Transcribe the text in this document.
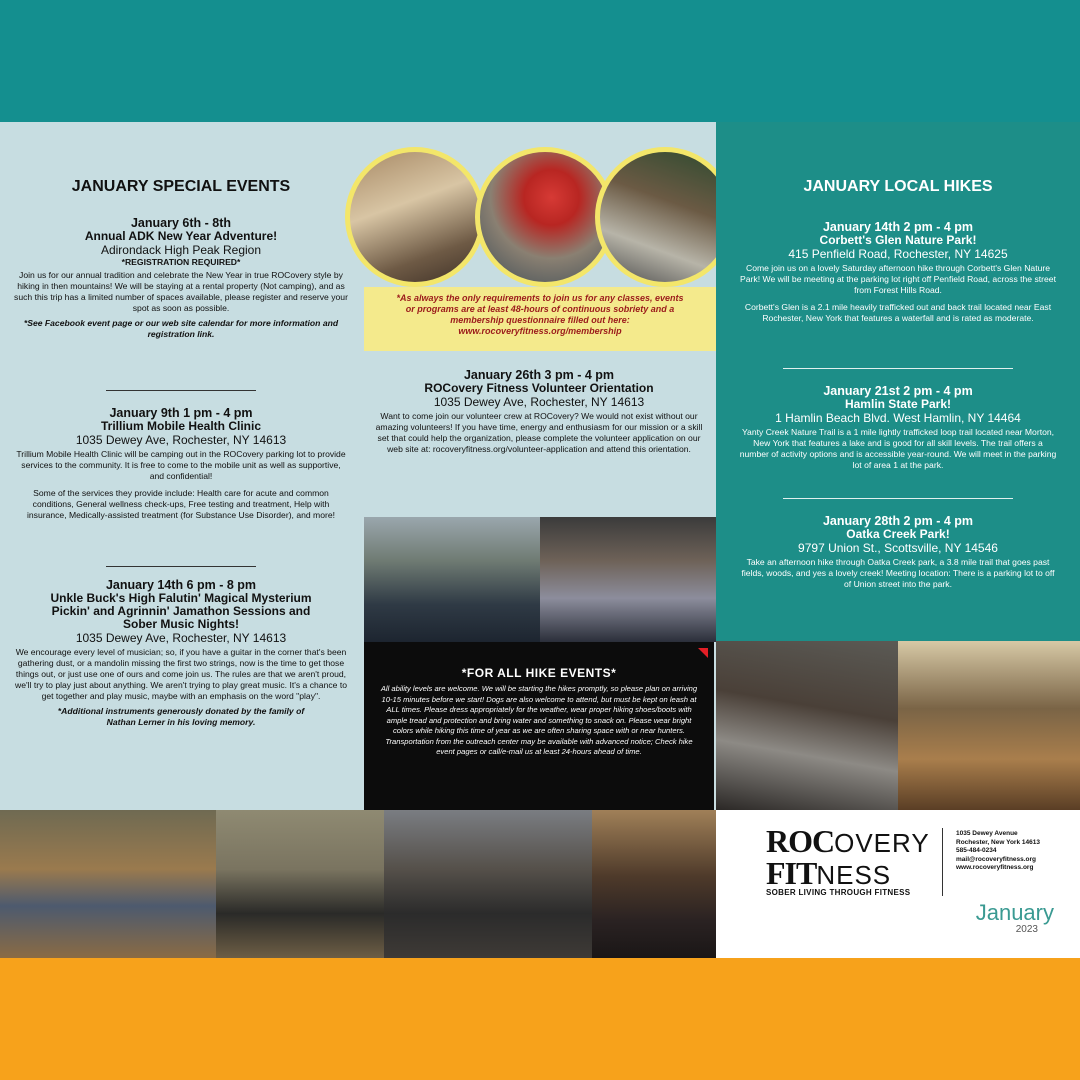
JANUARY SPECIAL EVENTS

January 6th - 8th
Annual ADK New Year Adventure!
Adirondack High Peak Region
*REGISTRATION REQUIRED*
Join us for our annual tradition and celebrate the New Year in true ROCovery style by hiking in then mountains! We will be staying at a rental property (Not camping), and as such this trip has a limited number of spaces available, please register and reserve your spot as soon as possible.
*See Facebook event page or our web site calendar for more information and registration link.
January 9th 1 pm - 4 pm
Trillium Mobile Health Clinic
1035 Dewey Ave, Rochester, NY 14613
Trillium Mobile Health Clinic will be camping out in the ROCovery parking lot to provide services to the community. It is free to come to the mobile unit as well as supportive, and confidential!
Some of the services they provide include: Health care for acute and common conditions, General wellness check-ups, Free testing and treatment, Help with insurance, Medically-assisted treatment (for Substance Use Disorder), and more!
January 14th 6 pm - 8 pm
Unkle Buck's High Falutin' Magical Mysterium Pickin' and Agrinnin' Jamathon Sessions and Sober Music Nights!
1035 Dewey Ave, Rochester, NY 14613
We encourage every level of musician; so, if you have a guitar in the corner that's been gathering dust, or a mandolin missing the first two strings, now is the time to get those things out, or just use one of ours and come join us. The rules are that we aren't proud, we'll try to play just about anything. We aren't trying to play great music. It's a chance to get together and play music, maybe with an emphasis on the word "play".
*Additional instruments generously donated by the family of Nathan Lerner in his loving memory.
*As always the only requirements to join us for any classes, events or programs are at least 48-hours of continuous sobriety and a membership questionnaire filled out here:
www.rocoveryfitness.org/membership
January 26th 3 pm - 4 pm
ROCovery Fitness Volunteer Orientation
1035 Dewey Ave, Rochester, NY 14613
Want to come join our volunteer crew at ROCovery? We would not exist without our amazing volunteers! If you have time, energy and enthusiasm for our mission or a skill set that could help the organization, please complete the volunteer application on our web site at: rocoveryfitness.org/volunteer-application and attend this orientation.

JANUARY LOCAL HIKES

January 14th 2 pm - 4 pm
Corbett's Glen Nature Park!
415 Penfield Road, Rochester, NY 14625
Come join us on a lovely Saturday afternoon hike through Corbett's Glen Nature Park! We will be meeting at the parking lot right off Penfield Road, across the street from Forest Hills Road.
Corbett's Glen is a 2.1 mile heavily trafficked out and back trail located near East Rochester, New York that features a waterfall and is rated as moderate.
January 21st 2 pm - 4 pm
Hamlin State Park!
1 Hamlin Beach Blvd. West Hamlin, NY 14464
Yanty Creek Nature Trail is a 1 mile lightly trafficked loop trail located near Morton, New York that features a lake and is good for all skill levels. The trail offers a number of activity options and is accessible year-round. We will meet in the parking lot of area 1 at the park.
January 28th 2 pm - 4 pm
Oatka Creek Park!
9797 Union St., Scottsville, NY 14546
Take an afternoon hike through Oatka Creek park, a 3.8 mile trail that goes past fields, woods, and yes a lovely creek! Meeting location: There is a parking lot to off of Union street into the park.
*FOR ALL HIKE EVENTS*
All ability levels are welcome. We will be starting the hikes promptly, so please plan on arriving 10-15 minutes before we start! Dogs are also welcome to attend, but must be kept on leash at ALL times. Please dress appropriately for the weather, wear proper hiking shoes/boots with ample tread and protection and bring water and something to snack on. Please wear bright colors while hiking this time of year as we are often sharing space with or near hunters. Transportation from the outreach center may be available with advanced notice; Check hike event pages or call/e-mail us at least 24-hours ahead of time.
ROCOVERY
FITNESS
SOBER LIVING THROUGH FITNESS
1035 Dewey Avenue
Rochester, New York 14613
585-484-0234
mail@rocoveryfitness.org
www.rocoveryfitness.org
January
2023
